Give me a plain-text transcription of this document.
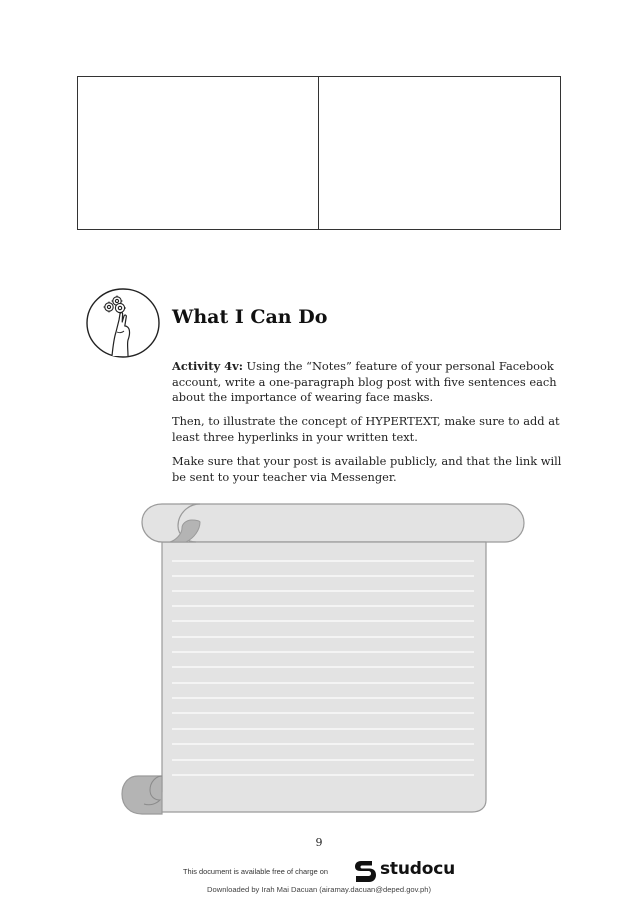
What I Can Do
Activity 4v: Using the “Notes” feature of your personal Facebook account, write a one-paragraph blog post with five sentences each about the importance of wearing face masks.
Then, to illustrate the concept of HYPERTEXT, make sure to add at least three hyperlinks in your written text.
Make sure that your post is available publicly, and that the link will be sent to your teacher via Messenger.
9
This document is available free of charge on	studocu
Downloaded by Irah Mai Dacuan (airamay.dacuan@deped.gov.ph)
